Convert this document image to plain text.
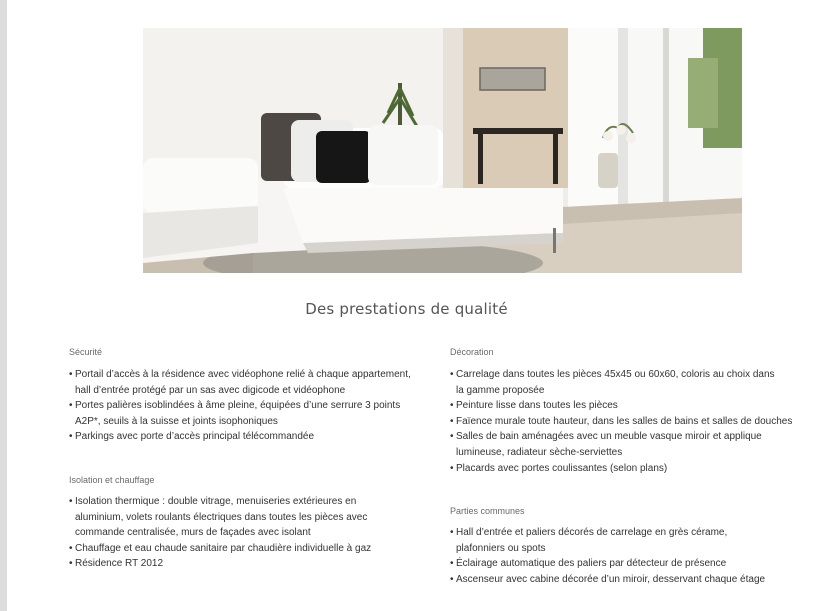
Des prestations de qualité
Sécurité
• Portail d’accès à la résidence avec vidéophone relié à chaque appartement,
hall d’entrée protégé par un sas avec digicode et vidéophone
• Portes palières isoblindées à âme pleine, équipées d’une serrure 3 points
A2P*, seuils à la suisse et joints isophoniques
• Parkings avec porte d’accès principal télécommandée
Isolation et chauffage
• Isolation thermique : double vitrage, menuiseries extérieures en
aluminium, volets roulants électriques dans toutes les pièces avec
commande centralisée, murs de façades avec isolant
• Chauffage et eau chaude sanitaire par chaudière individuelle à gaz
• Résidence RT 2012
Décoration
• Carrelage dans toutes les pièces 45x45 ou 60x60, coloris au choix dans
la gamme proposée
• Peinture lisse dans toutes les pièces
• Faïence murale toute hauteur, dans les salles de bains et salles de douches
• Salles de bain aménagées avec un meuble vasque miroir et applique
lumineuse, radiateur sèche-serviettes
• Placards avec portes coulissantes (selon plans)
Parties communes
• Hall d’entrée et paliers décorés de carrelage en grès cérame,
plafonniers ou spots
• Éclairage automatique des paliers par détecteur de présence
• Ascenseur avec cabine décorée d’un miroir, desservant chaque étage
